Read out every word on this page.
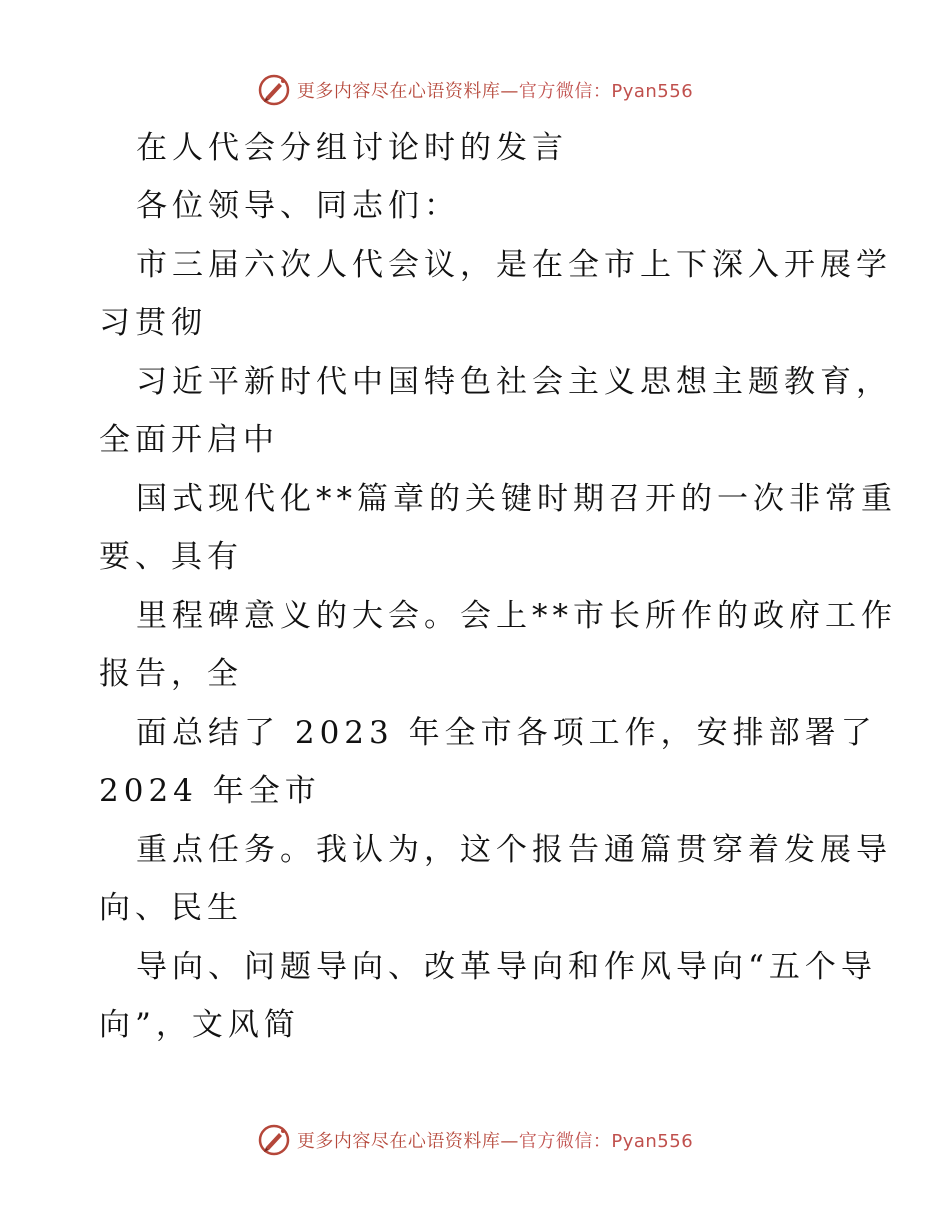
更多内容尽在心语资料库—官方微信：Pyan556
在人代会分组讨论时的发言
各位领导、同志们：
市三届六次人代会议，是在全市上下深入开展学
习贯彻
习近平新时代中国特色社会主义思想主题教育，
全面开启中
国式现代化**篇章的关键时期召开的一次非常重
要、具有
里程碑意义的大会。会上**市长所作的政府工作
报告，全
面总结了 2023 年全市各项工作，安排部署了
2024 年全市
重点任务。我认为，这个报告通篇贯穿着发展导
向、民生
导向、问题导向、改革导向和作风导向“五个导
向”，文风简
更多内容尽在心语资料库—官方微信：Pyan556
